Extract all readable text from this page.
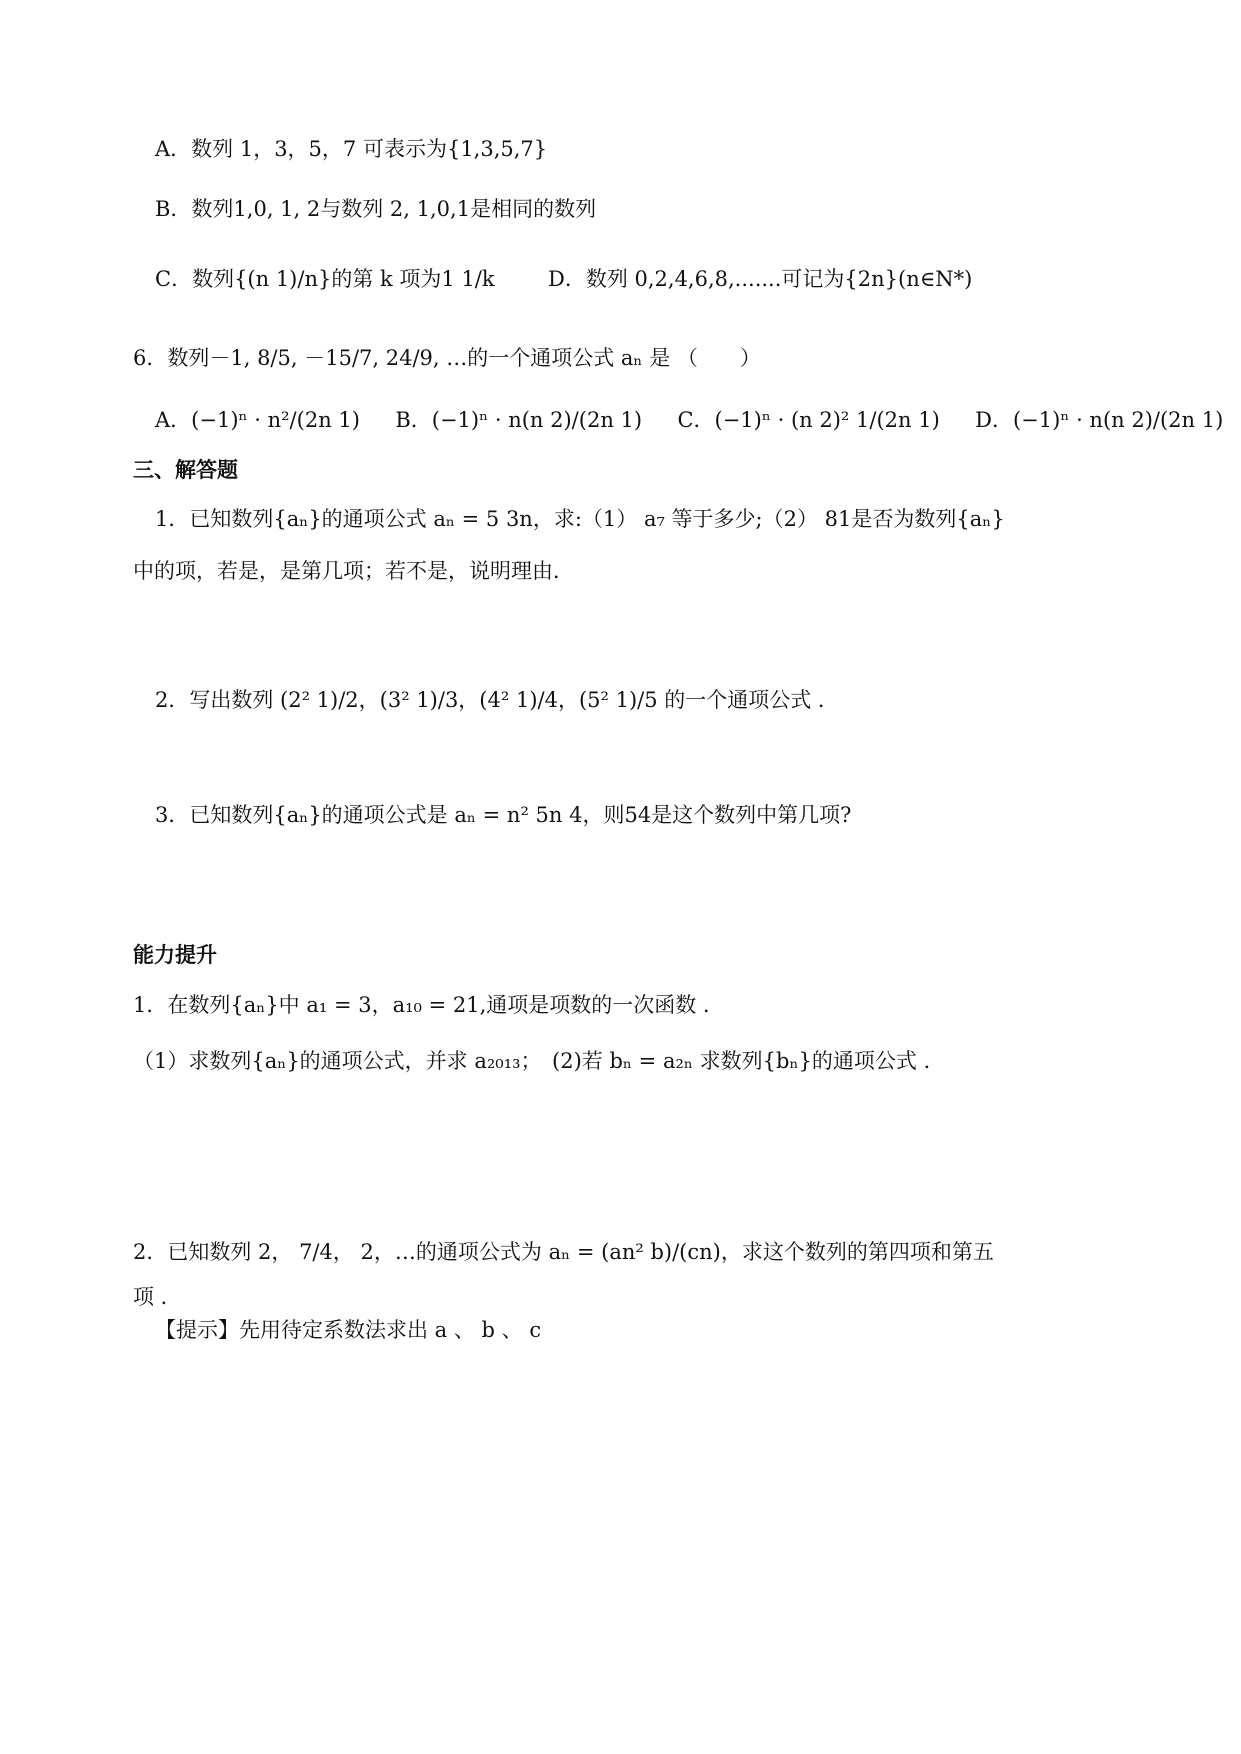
A．数列 1，3，5，7 可表示为{1,3,5,7}
B．数列1,0, 1, 2与数列 2, 1,0,1是相同的数列
C．数列{(n 1)/n}的第 k 项为1 1/k	D．数列 0,2,4,6,8,.......可记为{2n}(n∈N*)
6．数列－1, 8/5, －15/7, 24/9, …的一个通项公式 aₙ 是 （　　）
A．(−1)ⁿ · n²/(2n 1) B．(−1)ⁿ · n(n 2)/(2n 1) C．(−1)ⁿ · (n 2)² 1/(2n 1) D．(−1)ⁿ · n(n 2)/(2n 1)
三、解答题
1．已知数列{aₙ}的通项公式 aₙ = 5 3n，求:（1） a₇ 等于多少;（2） 81是否为数列{aₙ}
中的项，若是，是第几项；若不是，说明理由．
2．写出数列 (2² 1)/2，(3² 1)/3，(4² 1)/4，(5² 1)/5 的一个通项公式 ．
3．已知数列{aₙ}的通项公式是 aₙ = n² 5n 4，则54是这个数列中第几项?
能力提升
1．在数列{aₙ}中 a₁ = 3，a₁₀ = 21,通项是项数的一次函数 ．
（1）求数列{aₙ}的通项公式，并求 a₂₀₁₃；　(2)若 bₙ = a₂ₙ 求数列{bₙ}的通项公式 ．
2．已知数列 2， 7/4， 2，…的通项公式为 aₙ = (an² b)/(cn)，求这个数列的第四项和第五
项 ．
【提示】先用待定系数法求出 a 、 b 、 c
